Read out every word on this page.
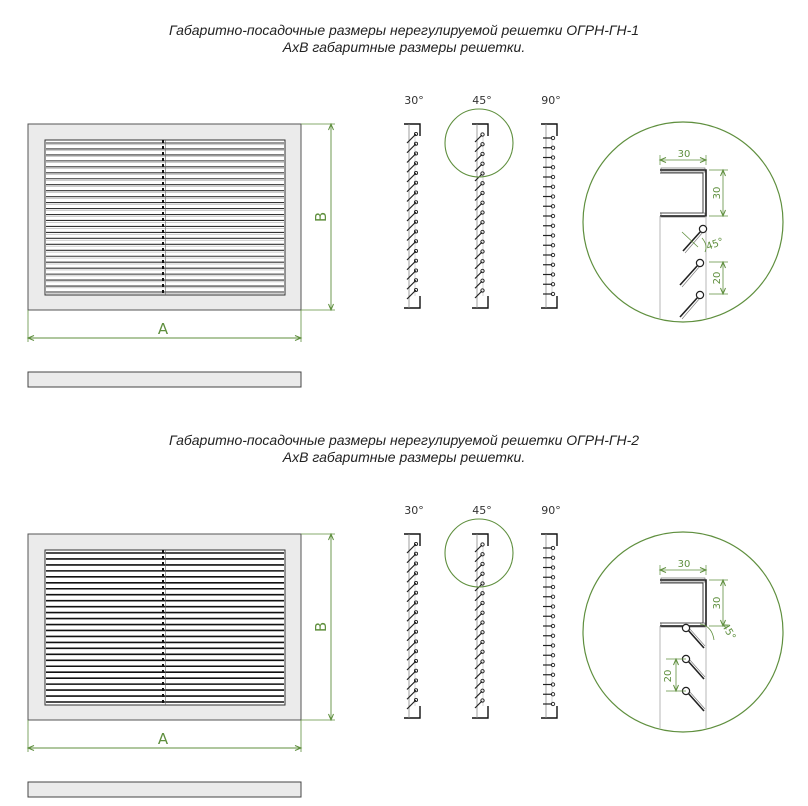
Габаритно-посадочные размеры нерегулируемой решетки ОГРН-ГН-1
АхВ габаритные размеры решетки.
Габаритно-посадочные размеры нерегулируемой решетки ОГРН-ГН-2
АхВ габаритные размеры решетки.
A
B
30°	45°	90°
30
30
45°
20
A
B
30°	45°	90°
30
30
45°
20
